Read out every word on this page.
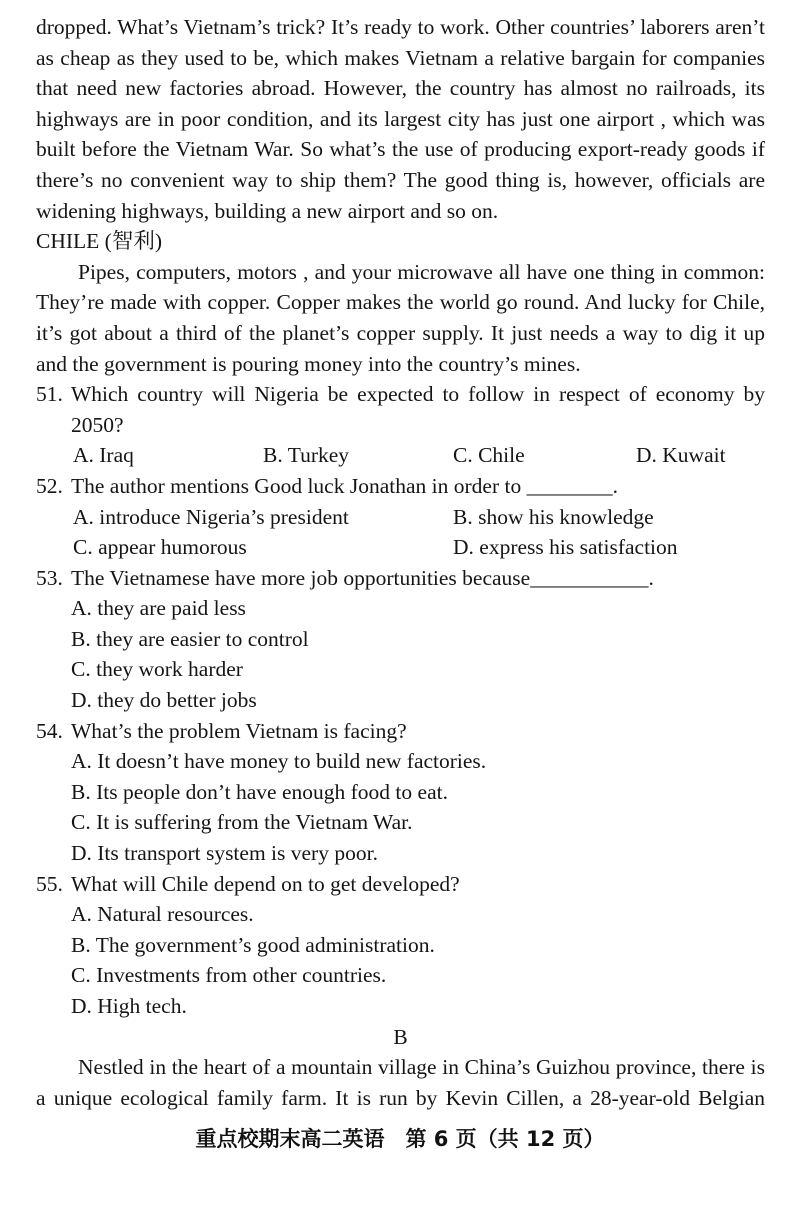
dropped. What’s Vietnam’s trick? It’s ready to work. Other countries’ laborers aren’t
as cheap as they used to be, which makes Vietnam a relative bargain for companies
that need new factories abroad. However, the country has almost no railroads, its
highways are in poor condition, and its largest city has just one airport , which was
built before the Vietnam War. So what’s the use of producing export-ready goods if
there’s no convenient way to ship them? The good thing is, however, officials are
widening highways, building a new airport and so on.
CHILE (智利)
Pipes, computers, motors , and your microwave all have one thing in common:
They’re made with copper. Copper makes the world go round. And lucky for Chile,
it’s got about a third of the planet’s copper supply. It just needs a way to dig it up
and the government is pouring money into the country’s mines.
51. Which country will Nigeria be expected to follow in respect of economy by
2050?
A. Iraq	B. Turkey	C. Chile	D. Kuwait
52. The author mentions Good luck Jonathan in order to ________.
A. introduce Nigeria’s president	B. show his knowledge
C. appear humorous	D. express his satisfaction
53. The Vietnamese have more job opportunities because___________.
A. they are paid less
B. they are easier to control
C. they work harder
D. they do better jobs
54. What’s the problem Vietnam is facing?
A. It doesn’t have money to build new factories.
B. Its people don’t have enough food to eat.
C. It is suffering from the Vietnam War.
D. Its transport system is very poor.
55. What will Chile depend on to get developed?
A. Natural resources.
B. The government’s good administration.
C. Investments from other countries.
D. High tech.
B
Nestled in the heart of a mountain village in China’s Guizhou province, there is
a unique ecological family farm. It is run by Kevin Cillen, a 28-year-old Belgian
重点校期末高二英语　第 6 页（共 12 页）
